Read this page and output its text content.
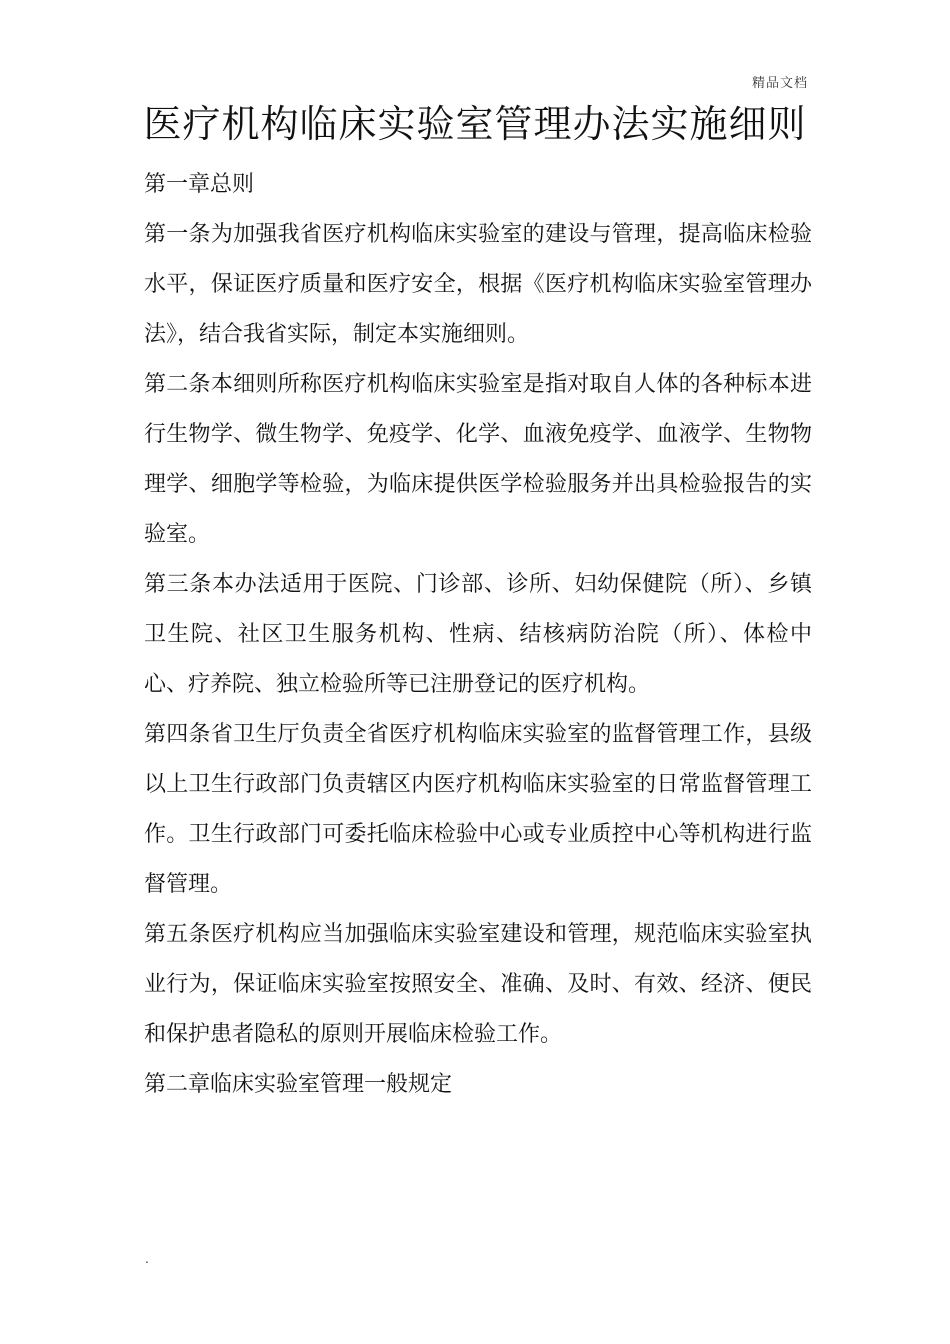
精品文档
医疗机构临床实验室管理办法实施细则

第一章总则

第一条为加强我省医疗机构临床实验室的建设与管理，提高临床检验水平，保证医疗质量和医疗安全，根据《医疗机构临床实验室管理办法》，结合我省实际，制定本实施细则。

第二条本细则所称医疗机构临床实验室是指对取自人体的各种标本进行生物学、微生物学、免疫学、化学、血液免疫学、血液学、生物物理学、细胞学等检验，为临床提供医学检验服务并出具检验报告的实验室。

第三条本办法适用于医院、门诊部、诊所、妇幼保健院（所）、乡镇卫生院、社区卫生服务机构、性病、结核病防治院（所）、体检中心、疗养院、独立检验所等已注册登记的医疗机构。

第四条省卫生厅负责全省医疗机构临床实验室的监督管理工作，县级以上卫生行政部门负责辖区内医疗机构临床实验室的日常监督管理工作。卫生行政部门可委托临床检验中心或专业质控中心等机构进行监督管理。

第五条医疗机构应当加强临床实验室建设和管理，规范临床实验室执业行为，保证临床实验室按照安全、准确、及时、有效、经济、便民和保护患者隐私的原则开展临床检验工作。

第二章临床实验室管理一般规定

.
